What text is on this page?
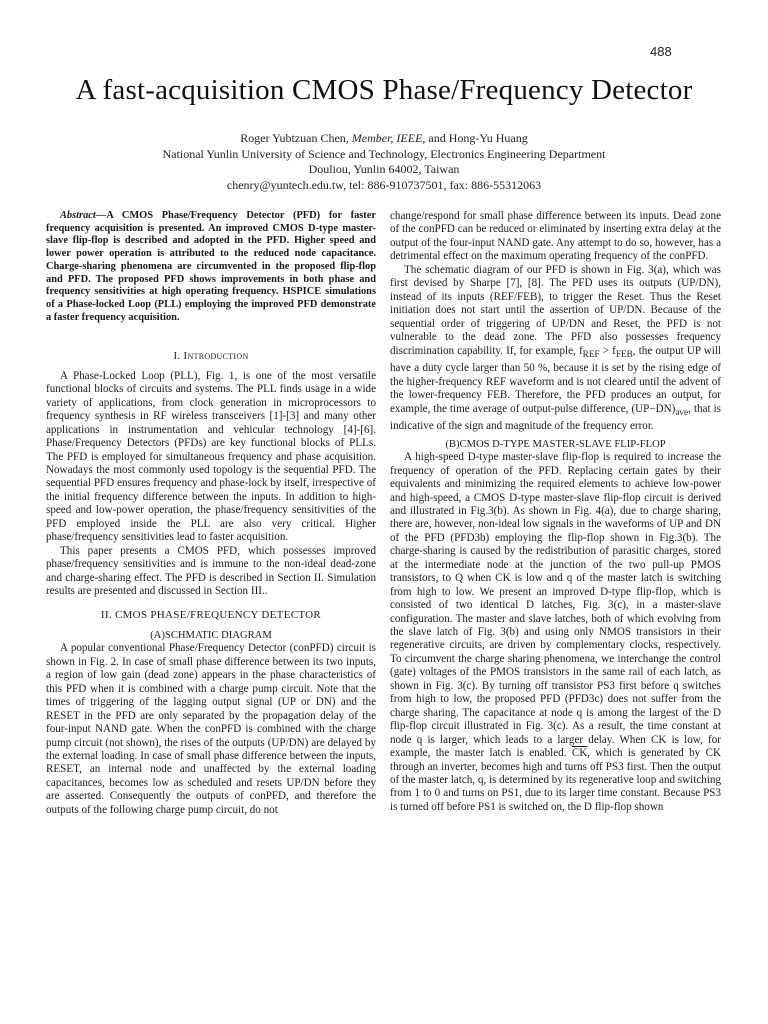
488
A fast-acquisition CMOS Phase/Frequency Detector
Roger Yubtzuan Chen, Member, IEEE, and Hong-Yu Huang
National Yunlin University of Science and Technology, Electronics Engineering Department
Douliou, Yunlin 64002, Taiwan
chenry@yuntech.edu.tw, tel: 886-910737501, fax: 886-55312063

Abstract—A CMOS Phase/Frequency Detector (PFD) for faster frequency acquisition is presented. An improved CMOS D-type master-slave flip-flop is described and adopted in the PFD. Higher speed and lower power operation is attributed to the reduced node capacitance. Charge-sharing phenomena are circumvented in the proposed flip-flop and PFD. The proposed PFD shows improvements in both phase and frequency sensitivities at high operating frequency. HSPICE simulations of a Phase-locked Loop (PLL) employing the improved PFD demonstrate a faster frequency acquisition.

I. Introduction

A Phase-Locked Loop (PLL), Fig. 1, is one of the most versatile functional blocks of circuits and systems. The PLL finds usage in a wide variety of applications, from clock generation in microprocessors to frequency synthesis in RF wireless transceivers [1]-[3] and many other applications in instrumentation and vehicular technology [4]-[6]. Phase/Frequency Detectors (PFDs) are key functional blocks of PLLs. The PFD is employed for simultaneous frequency and phase acquisition. Nowadays the most commonly used topology is the sequential PFD. The sequential PFD ensures frequency and phase-lock by itself, irrespective of the initial frequency difference between the inputs. In addition to high-speed and low-power operation, the phase/frequency sensitivities of the PFD employed inside the PLL are also very critical. Higher phase/frequency sensitivities lead to faster acquisition.

This paper presents a CMOS PFD, which possesses improved phase/frequency sensitivities and is immune to the non-ideal dead-zone and charge-sharing effect. The PFD is described in Section II. Simulation results are presented and discussed in Section III..

II. CMOS PHASE/FREQUENCY DETECTOR
(A)SCHMATIC DIAGRAM

A popular conventional Phase/Frequency Detector (conPFD) circuit is shown in Fig. 2. In case of small phase difference between its two inputs, a region of low gain (dead zone) appears in the phase characteristics of this PFD when it is combined with a charge pump circuit. Note that the times of triggering of the lagging output signal (UP or DN) and the RESET in the PFD are only separated by the propagation delay of the four-input NAND gate. When the conPFD is combined with the charge pump circuit (not shown), the rises of the outputs (UP/DN) are delayed by the external loading. In case of small phase difference between the inputs, RESET, an internal node and unaffected by the external loading capacitances, becomes low as scheduled and resets UP/DN before they are asserted. Consequently the outputs of conPFD, and therefore the outputs of the following charge pump circuit, do not

change/respond for small phase difference between its inputs. Dead zone of the conPFD can be reduced or eliminated by inserting extra delay at the output of the four-input NAND gate. Any attempt to do so, however, has a detrimental effect on the maximum operating frequency of the conPFD.

The schematic diagram of our PFD is shown in Fig. 3(a), which was first devised by Sharpe [7], [8]. The PFD uses its outputs (UP/DN), instead of its inputs (REF/FEB), to trigger the Reset. Thus the Reset initiation does not start until the assertion of UP/DN. Because of the sequential order of triggering of UP/DN and Reset, the PFD is not vulnerable to the dead zone. The PFD also possesses frequency discrimination capability. If, for example, $f_{REF} > f_{FEB}$, the output UP will have a duty cycle larger than 50 %, because it is set by the rising edge of the higher-frequency REF waveform and is not cleared until the advent of the lower-frequency FEB. Therefore, the PFD produces an output, for example, the time average of output-pulse difference, $(UP-DN)_{ave}$, that is indicative of the sign and magnitude of the frequency error.

(B)CMOS D-TYPE MASTER-SLAVE FLIP-FLOP

A high-speed D-type master-slave flip-flop is required to increase the frequency of operation of the PFD. Replacing certain gates by their equivalents and minimizing the required elements to achieve low-power and high-speed, a CMOS D-type master-slave flip-flop circuit is derived and illustrated in Fig.3(b). As shown in Fig. 4(a), due to charge sharing, there are, however, non-ideal low signals in the waveforms of UP and DN of the PFD (PFD3b) employing the flip-flop shown in Fig.3(b). The charge-sharing is caused by the redistribution of parasitic charges, stored at the intermediate node at the junction of the two pull-up PMOS transistors, to Q when CK is low and q of the master latch is switching from high to low. We present an improved D-type flip-flop, which is consisted of two identical D latches, Fig. 3(c), in a master-slave configuration. The master and slave latches, both of which evolving from the slave latch of Fig. 3(b) and using only NMOS transistors in their regenerative circuits, are driven by complementary clocks, respectively. To circumvent the charge sharing phenomena, we interchange the control (gate) voltages of the PMOS transistors in the same rail of each latch, as shown in Fig. 3(c). By turning off transistor PS3 first before q switches from high to low, the proposed PFD (PFD3c) does not suffer from the charge sharing. The capacitance at node q is among the largest of the D flip-flop circuit illustrated in Fig. 3(c). As a result, the time constant at node q is larger, which leads to a larger delay. When CK is low, for example, the master latch is enabled. $\overline{CK}$, which is generated by CK through an inverter, becomes high and turns off PS3 first. Then the output of the master latch, q, is determined by its regenerative loop and switching from 1 to 0 and turns on PS1, due to its larger time constant. Because PS3 is turned off before PS1 is switched on, the D flip-flop shown
